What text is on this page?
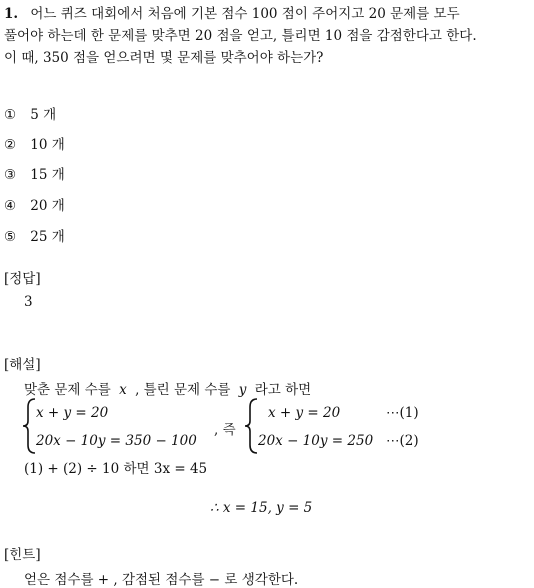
1. 어느 퀴즈 대회에서 처음에 기본 점수 100 점이 주어지고 20 문제를 모두
풀어야 하는데 한 문제를 맞추면 20 점을 얻고, 틀리면 10 점을 감점한다고 한다.
이 때, 350 점을 얻으려면 몇 문제를 맞추어야 하는가?
① 5 개
② 10 개
③ 15 개
④ 20 개
⑤ 25 개
[정답]
3
[해설]
맞춘 문제 수를 x , 틀린 문제 수를 y 라고 하면
x + y = 20
20x − 10y = 350 − 100
, 즉
x + y = 20	⋯(1)
20x − 10y = 250 ⋯(2)
(1) + (2) ÷ 10 하면 3x = 45
∴ x = 15, y = 5
[힌트]
얻은 점수를 + , 감점된 점수를 − 로 생각한다.
